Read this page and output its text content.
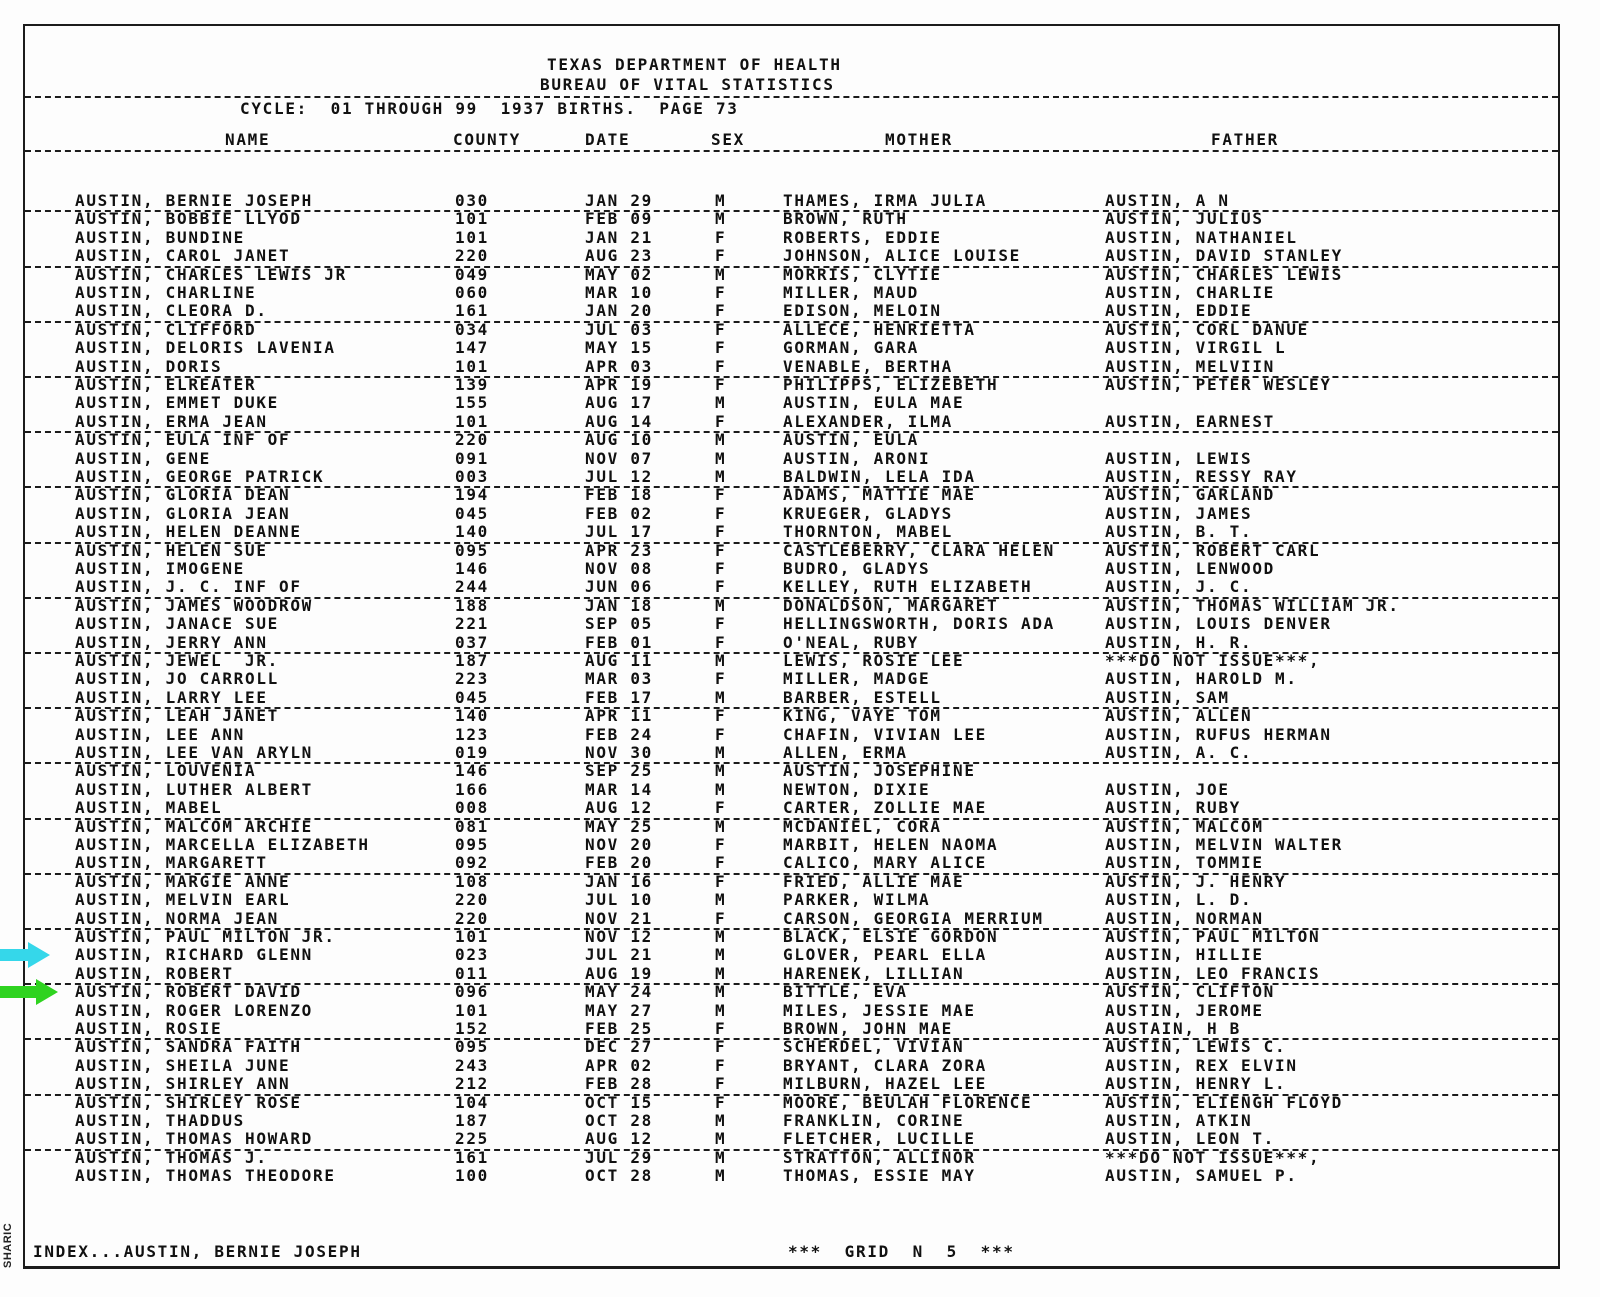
TEXAS DEPARTMENT OF HEALTH
BUREAU OF VITAL STATISTICS
CYCLE:  01 THROUGH 99  1937 BIRTHS.  PAGE 73
NAME	COUNTY	DATE	SEX	MOTHER	FATHER
AUSTIN, BERNIE JOSEPH	030	JAN 29	M	THAMES, IRMA JULIA	AUSTIN, A N
AUSTIN, BOBBIE LLYOD	101	FEB 09	M	BROWN, RUTH	AUSTIN, JULIUS
AUSTIN, BUNDINE	101	JAN 21	F	ROBERTS, EDDIE	AUSTIN, NATHANIEL
AUSTIN, CAROL JANET	220	AUG 23	F	JOHNSON, ALICE LOUISE	AUSTIN, DAVID STANLEY
AUSTIN, CHARLES LEWIS JR	049	MAY 02	M	MORRIS, CLYTIE	AUSTIN, CHARLES LEWIS
AUSTIN, CHARLINE	060	MAR 10	F	MILLER, MAUD	AUSTIN, CHARLIE
AUSTIN, CLEORA D.	161	JAN 20	F	EDISON, MELOIN	AUSTIN, EDDIE
AUSTIN, CLIFFORD	034	JUL 03	F	ALLECE, HENRIETTA	AUSTIN, CORL DANUE
AUSTIN, DELORIS LAVENIA	147	MAY 15	F	GORMAN, GARA	AUSTIN, VIRGIL L
AUSTIN, DORIS	101	APR 03	F	VENABLE, BERTHA	AUSTIN, MELVIIN
AUSTIN, ELREATER	139	APR 19	F	PHILIPPS, ELIZEBETH	AUSTIN, PETER WESLEY
AUSTIN, EMMET DUKE	155	AUG 17	M	AUSTIN, EULA MAE
AUSTIN, ERMA JEAN	101	AUG 14	F	ALEXANDER, ILMA	AUSTIN, EARNEST
AUSTIN, EULA INF OF	220	AUG 10	M	AUSTIN, EULA
AUSTIN, GENE	091	NOV 07	M	AUSTIN, ARONI	AUSTIN, LEWIS
AUSTIN, GEORGE PATRICK	003	JUL 12	M	BALDWIN, LELA IDA	AUSTIN, RESSY RAY
AUSTIN, GLORIA DEAN	194	FEB 18	F	ADAMS, MATTIE MAE	AUSTIN, GARLAND
AUSTIN, GLORIA JEAN	045	FEB 02	F	KRUEGER, GLADYS	AUSTIN, JAMES
AUSTIN, HELEN DEANNE	140	JUL 17	F	THORNTON, MABEL	AUSTIN, B. T.
AUSTIN, HELEN SUE	095	APR 23	F	CASTLEBERRY, CLARA HELEN	AUSTIN, ROBERT CARL
AUSTIN, IMOGENE	146	NOV 08	F	BUDRO, GLADYS	AUSTIN, LENWOOD
AUSTIN, J. C. INF OF	244	JUN 06	F	KELLEY, RUTH ELIZABETH	AUSTIN, J. C.
AUSTIN, JAMES WOODROW	188	JAN 18	M	DONALDSON, MARGARET	AUSTIN, THOMAS WILLIAM JR.
AUSTIN, JANACE SUE	221	SEP 05	F	HELLINGSWORTH, DORIS ADA	AUSTIN, LOUIS DENVER
AUSTIN, JERRY ANN	037	FEB 01	F	O'NEAL, RUBY	AUSTIN, H. R.
AUSTIN, JEWEL  JR.	187	AUG 11	M	LEWIS, ROSIE LEE	***DO NOT ISSUE***,
AUSTIN, JO CARROLL	223	MAR 03	F	MILLER, MADGE	AUSTIN, HAROLD M.
AUSTIN, LARRY LEE	045	FEB 17	M	BARBER, ESTELL	AUSTIN, SAM
AUSTIN, LEAH JANET	140	APR 11	F	KING, VAYE TOM	AUSTIN, ALLEN
AUSTIN, LEE ANN	123	FEB 24	F	CHAFIN, VIVIAN LEE	AUSTIN, RUFUS HERMAN
AUSTIN, LEE VAN ARYLN	019	NOV 30	M	ALLEN, ERMA	AUSTIN, A. C.
AUSTIN, LOUVENIA	146	SEP 25	M	AUSTIN, JOSEPHINE
AUSTIN, LUTHER ALBERT	166	MAR 14	M	NEWTON, DIXIE	AUSTIN, JOE
AUSTIN, MABEL	008	AUG 12	F	CARTER, ZOLLIE MAE	AUSTIN, RUBY
AUSTIN, MALCOM ARCHIE	081	MAY 25	M	MCDANIEL, CORA	AUSTIN, MALCOM
AUSTIN, MARCELLA ELIZABETH	095	NOV 20	F	MARBIT, HELEN NAOMA	AUSTIN, MELVIN WALTER
AUSTIN, MARGARETT	092	FEB 20	F	CALICO, MARY ALICE	AUSTIN, TOMMIE
AUSTIN, MARGIE ANNE	108	JAN 16	F	FRIED, ALLIE MAE	AUSTIN, J. HENRY
AUSTIN, MELVIN EARL	220	JUL 10	M	PARKER, WILMA	AUSTIN, L. D.
AUSTIN, NORMA JEAN	220	NOV 21	F	CARSON, GEORGIA MERRIUM	AUSTIN, NORMAN
AUSTIN, PAUL MILTON JR.	101	NOV 12	M	BLACK, ELSIE GORDON	AUSTIN, PAUL MILTON
AUSTIN, RICHARD GLENN	023	JUL 21	M	GLOVER, PEARL ELLA	AUSTIN, HILLIE
AUSTIN, ROBERT	011	AUG 19	M	HARENEK, LILLIAN	AUSTIN, LEO FRANCIS
AUSTIN, ROBERT DAVID	096	MAY 24	M	BITTLE, EVA	AUSTIN, CLIFTON
AUSTIN, ROGER LORENZO	101	MAY 27	M	MILES, JESSIE MAE	AUSTIN, JEROME
AUSTIN, ROSIE	152	FEB 25	F	BROWN, JOHN MAE	AUSTAIN, H B
AUSTIN, SANDRA FAITH	095	DEC 27	F	SCHERDEL, VIVIAN	AUSTIN, LEWIS C.
AUSTIN, SHEILA JUNE	243	APR 02	F	BRYANT, CLARA ZORA	AUSTIN, REX ELVIN
AUSTIN, SHIRLEY ANN	212	FEB 28	F	MILBURN, HAZEL LEE	AUSTIN, HENRY L.
AUSTIN, SHIRLEY ROSE	104	OCT 15	F	MOORE, BEULAH FLORENCE	AUSTIN, ELIENGH FLOYD
AUSTIN, THADDUS	187	OCT 28	M	FRANKLIN, CORINE	AUSTIN, ATKIN
AUSTIN, THOMAS HOWARD	225	AUG 12	M	FLETCHER, LUCILLE	AUSTIN, LEON T.
AUSTIN, THOMAS J.	161	JUL 29	M	STRATTON, ALLINOR	***DO NOT ISSUE***,
AUSTIN, THOMAS THEODORE	100	OCT 28	M	THOMAS, ESSIE MAY	AUSTIN, SAMUEL P.
INDEX...AUSTIN, BERNIE JOSEPH	***  GRID  N  5  ***
SHARIC
